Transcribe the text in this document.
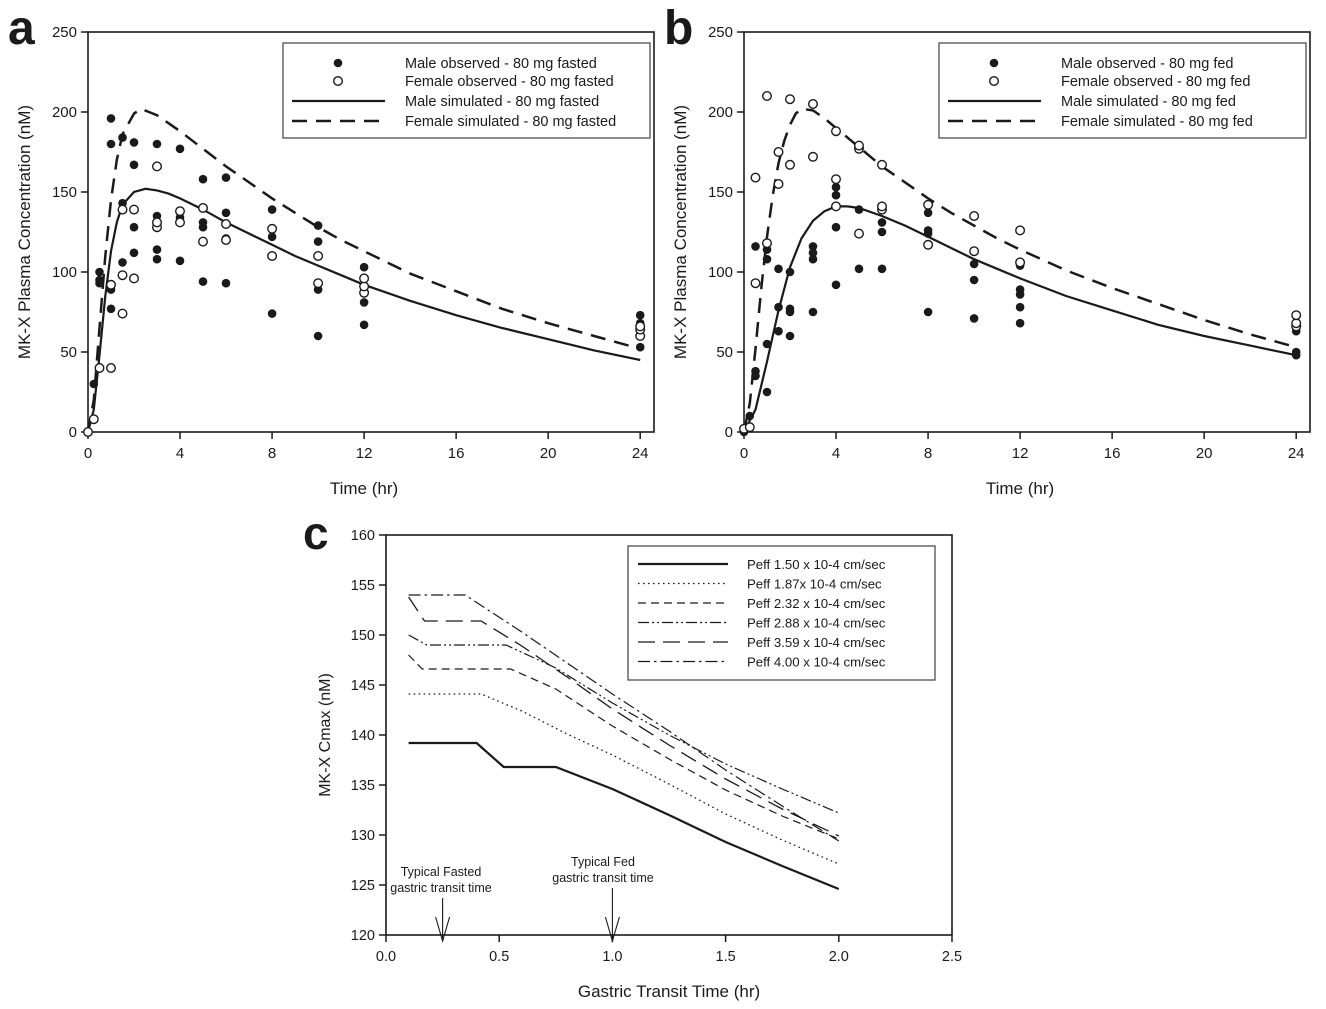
0	4	8	12	16	20	24
0
50
100
150
200
250
Time (hr)
MK-X Plasma Concentration (nM)
Male observed - 80 mg fasted
Female observed - 80 mg fasted
Male simulated - 80 mg fasted
Female simulated - 80 mg fasted
a
0	4	8	12	16	20	24
0
50
100
150
200
250
Time (hr)
MK-X Plasma Concentration (nM)
Male observed - 80 mg fed
Female observed - 80 mg fed
Male simulated - 80 mg fed
Female simulated - 80 mg fed
b
0.0	0.5	1.0	1.5	2.0	2.5
120
125
130
135
140
145
150
155
160
Gastric Transit Time (hr)
MK-X Cmax (nM)
Peff 1.50 x 10-4 cm/sec
Peff 1.87x 10-4 cm/sec
Peff 2.32 x 10-4 cm/sec
Peff 2.88 x 10-4 cm/sec
Peff 3.59 x 10-4 cm/sec
Peff 4.00 x 10-4 cm/sec
Typical Fasted
gastric transit time
Typical Fed
gastric transit time
c
